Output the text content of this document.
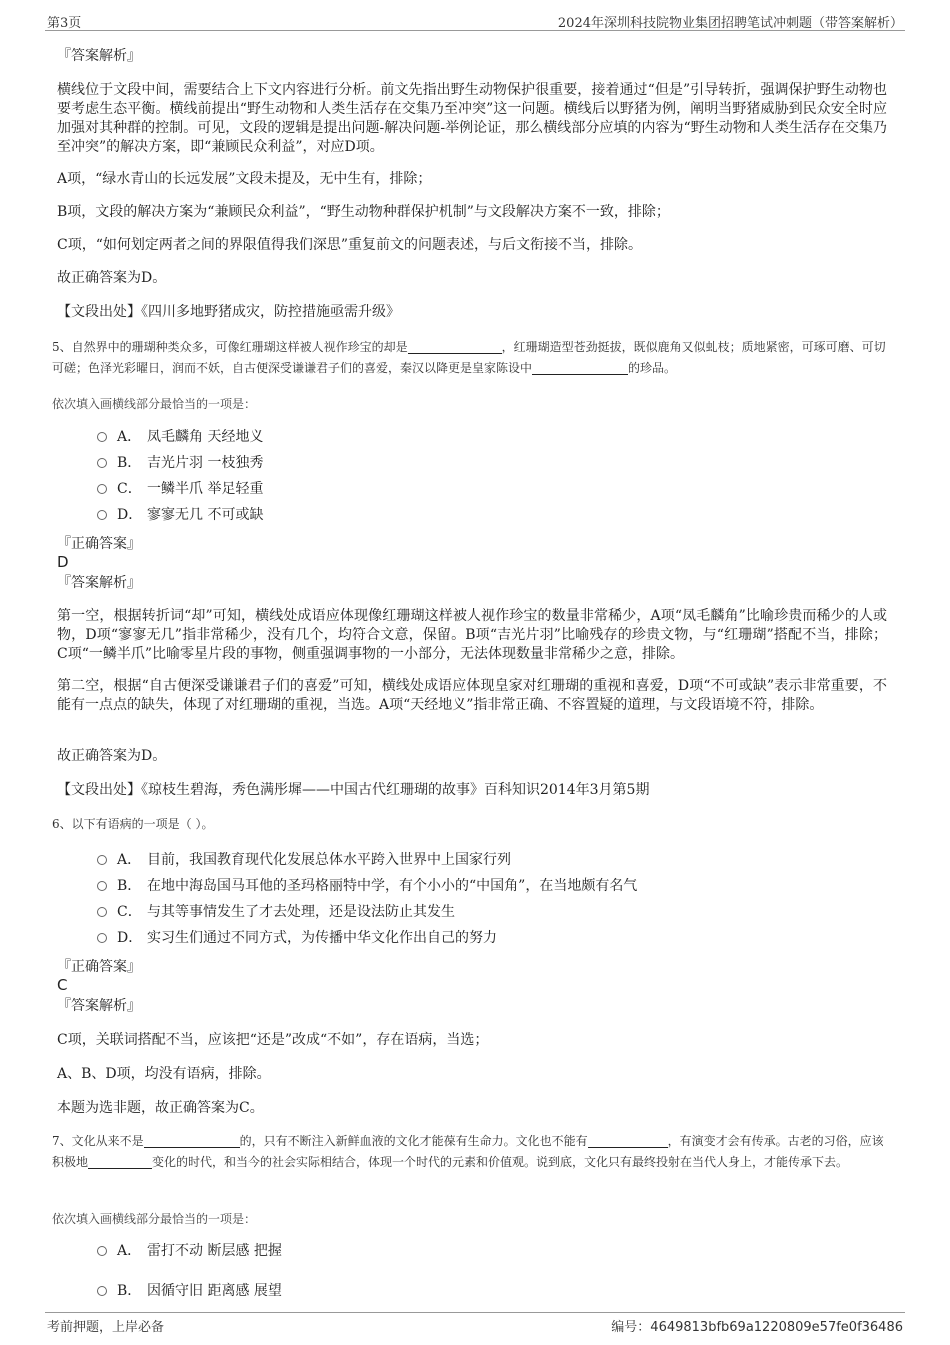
第3页	2024年深圳科技院物业集团招聘笔试冲刺题（带答案解析）
『答案解析』
横线位于文段中间，需要结合上下文内容进行分析。前文先指出野生动物保护很重要，接着通过“但是”引导转折，强调保护野生动物也要考虑生态平衡。横线前提出“野生动物和人类生活存在交集乃至冲突”这一问题。横线后以野猪为例，阐明当野猪威胁到民众安全时应加强对其种群的控制。可见，文段的逻辑是提出问题-解决问题-举例论证，那么横线部分应填的内容为“野生动物和人类生活存在交集乃至冲突”的解决方案，即“兼顾民众利益”，对应D项。
A项，“绿水青山的长远发展”文段未提及，无中生有，排除；
B项，文段的解决方案为“兼顾民众利益”，“野生动物种群保护机制”与文段解决方案不一致，排除；
C项，“如何划定两者之间的界限值得我们深思”重复前文的问题表述，与后文衔接不当，排除。
故正确答案为D。
【文段出处】《四川多地野猪成灾，防控措施亟需升级》
5、自然界中的珊瑚种类众多，可像红珊瑚这样被人视作珍宝的却是	，红珊瑚造型苍劲挺拔，既似鹿角又似虬枝；质地紧密，可琢可磨、可切可磋；色泽光彩曜日，润而不妖，自古便深受谦谦君子们的喜爱，秦汉以降更是皇家陈设中	的珍品。
依次填入画横线部分最恰当的一项是：
A． 凤毛麟角 天经地义
B． 吉光片羽 一枝独秀
C． 一鳞半爪 举足轻重
D． 寥寥无几 不可或缺
『正确答案』
D
『答案解析』
第一空，根据转折词“却”可知，横线处成语应体现像红珊瑚这样被人视作珍宝的数量非常稀少，A项“凤毛麟角”比喻珍贵而稀少的人或物，D项“寥寥无几”指非常稀少，没有几个，均符合文意，保留。B项“吉光片羽”比喻残存的珍贵文物，与“红珊瑚”搭配不当，排除；C项“一鳞半爪”比喻零星片段的事物，侧重强调事物的一小部分，无法体现数量非常稀少之意，排除。
第二空，根据“自古便深受谦谦君子们的喜爱”可知，横线处成语应体现皇家对红珊瑚的重视和喜爱，D项“不可或缺”表示非常重要，不能有一点点的缺失，体现了对红珊瑚的重视，当选。A项“天经地义”指非常正确、不容置疑的道理，与文段语境不符，排除。
故正确答案为D。
【文段出处】《琼枝生碧海，秀色满彤墀——中国古代红珊瑚的故事》百科知识2014年3月第5期
6、以下有语病的一项是（ ）。
A． 目前，我国教育现代化发展总体水平跨入世界中上国家行列
B． 在地中海岛国马耳他的圣玛格丽特中学，有个小小的“中国角”，在当地颇有名气
C． 与其等事情发生了才去处理，还是设法防止其发生
D． 实习生们通过不同方式，为传播中华文化作出自己的努力
『正确答案』
C
『答案解析』
C项，关联词搭配不当，应该把“还是”改成“不如”，存在语病，当选；
A、B、D项，均没有语病，排除。
本题为选非题，故正确答案为C。
7、文化从来不是	的，只有不断注入新鲜血液的文化才能葆有生命力。文化也不能有	，有演变才会有传承。古老的习俗，应该积极地	变化的时代，和当今的社会实际相结合，体现一个时代的元素和价值观。说到底，文化只有最终投射在当代人身上，才能传承下去。
依次填入画横线部分最恰当的一项是：
A． 雷打不动 断层感 把握
B． 因循守旧 距离感 展望
考前押题，上岸必备	编号：4649813bfb69a1220809e57fe0f36486
